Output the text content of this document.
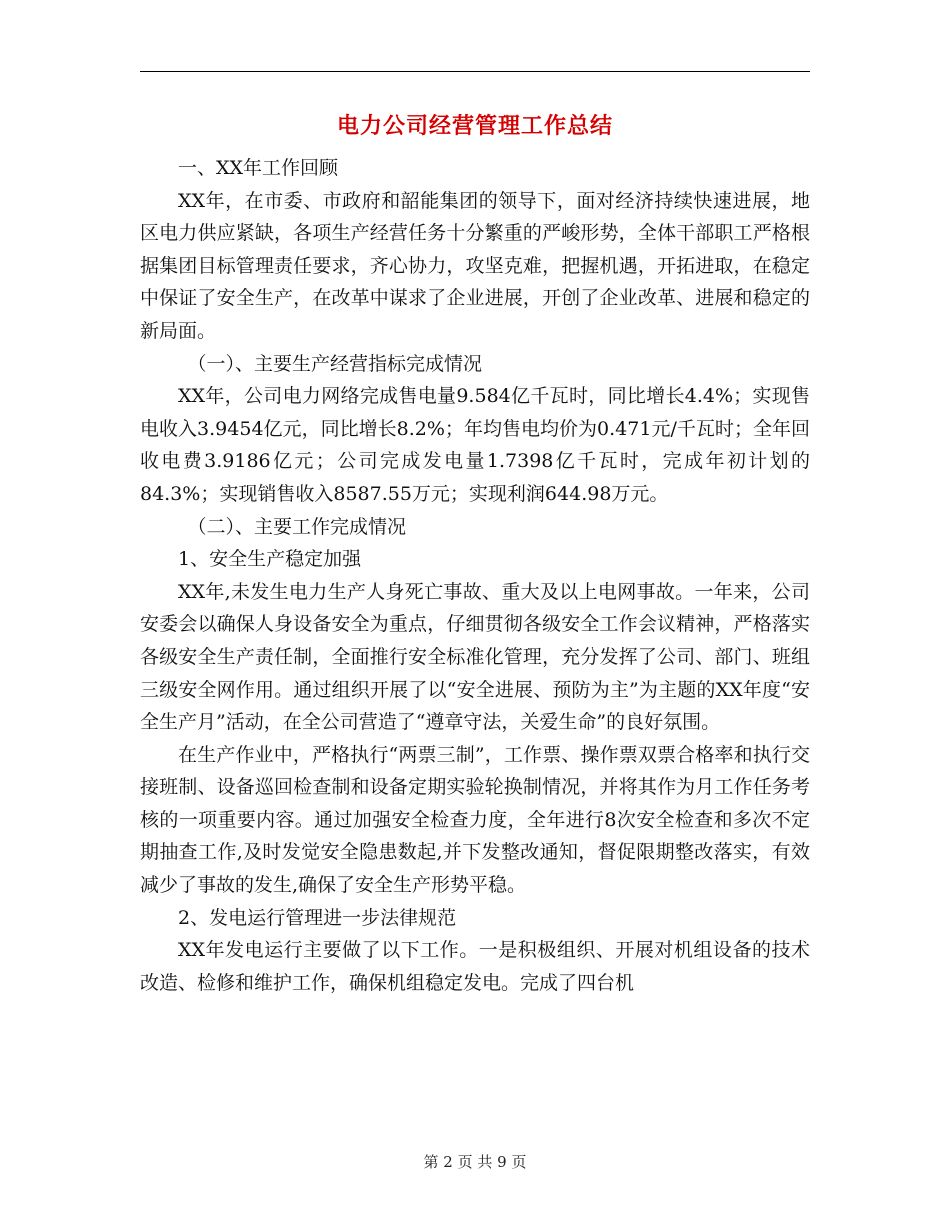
电力公司经营管理工作总结

一、XX年工作回顾

XX年，在市委、市政府和韶能集团的领导下，面对经济持续快速进展，地区电力供应紧缺，各项生产经营任务十分繁重的严峻形势，全体干部职工严格根据集团目标管理责任要求，齐心协力，攻坚克难，把握机遇，开拓进取，在稳定中保证了安全生产，在改革中谋求了企业进展，开创了企业改革、进展和稳定的新局面。

（一）、主要生产经营指标完成情况

XX年，公司电力网络完成售电量9.584亿千瓦时，同比增长4.4%；实现售电收入3.9454亿元，同比增长8.2%；年均售电均价为0.471元/千瓦时；全年回收电费3.9186亿元；公司完成发电量1.7398亿千瓦时，完成年初计划的84.3%；实现销售收入8587.55万元；实现利润644.98万元。

（二）、主要工作完成情况

1、安全生产稳定加强

XX年,未发生电力生产人身死亡事故、重大及以上电网事故。一年来，公司安委会以确保人身设备安全为重点，仔细贯彻各级安全工作会议精神，严格落实各级安全生产责任制，全面推行安全标准化管理，充分发挥了公司、部门、班组三级安全网作用。通过组织开展了以“安全进展、预防为主”为主题的XX年度“安全生产月”活动，在全公司营造了“遵章守法，关爱生命”的良好氛围。

在生产作业中，严格执行“两票三制”，工作票、操作票双票合格率和执行交接班制、设备巡回检查制和设备定期实验轮换制情况，并将其作为月工作任务考核的一项重要内容。通过加强安全检查力度，全年进行8次安全检查和多次不定期抽查工作,及时发觉安全隐患数起,并下发整改通知，督促限期整改落实，有效减少了事故的发生,确保了安全生产形势平稳。

2、发电运行管理进一步法律规范

XX年发电运行主要做了以下工作。一是积极组织、开展对机组设备的技术改造、检修和维护工作，确保机组稳定发电。完成了四台机

第 2 页 共 9 页
